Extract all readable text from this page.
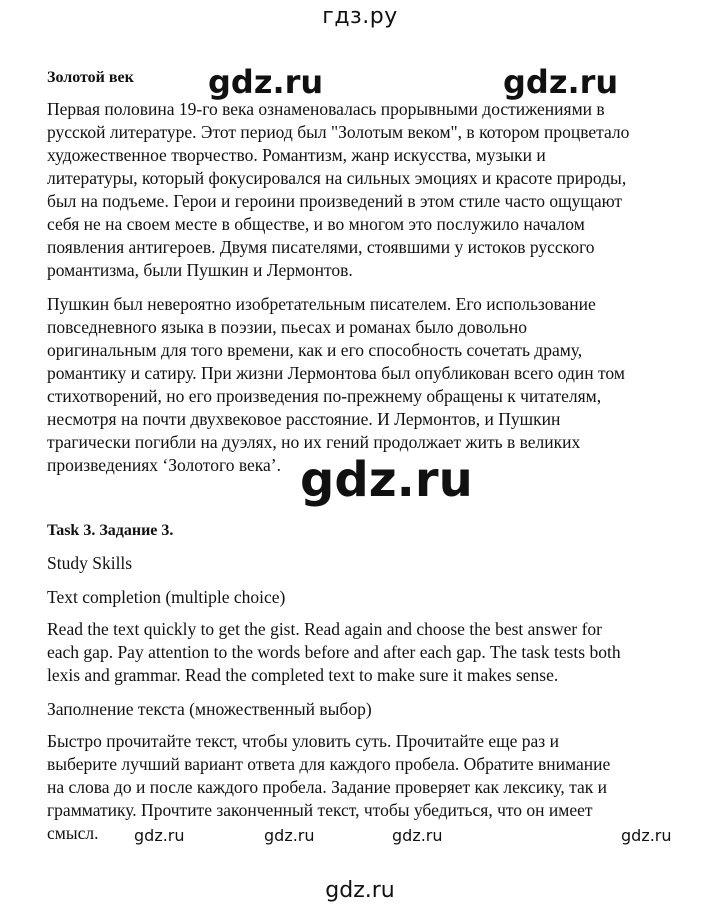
гдз.ру

Золотой век

Первая половина 19-го века ознаменовалась прорывными достижениями в
русской литературе. Этот период был "Золотым веком", в котором процветало
художественное творчество. Романтизм, жанр искусства, музыки и
литературы, который фокусировался на сильных эмоциях и красоте природы,
был на подъеме. Герои и героини произведений в этом стиле часто ощущают
себя не на своем месте в обществе, и во многом это послужило началом
появления антигероев. Двумя писателями, стоявшими у истоков русского
романтизма, были Пушкин и Лермонтов.

Пушкин был невероятно изобретательным писателем. Его использование
повседневного языка в поэзии, пьесах и романах было довольно
оригинальным для того времени, как и его способность сочетать драму,
романтику и сатиру. При жизни Лермонтова был опубликован всего один том
стихотворений, но его произведения по-прежнему обращены к читателям,
несмотря на почти двухвековое расстояние. И Лермонтов, и Пушкин
трагически погибли на дуэлях, но их гений продолжает жить в великих
произведениях ‘Золотого века’.

Task 3. Задание 3.

Study Skills

Text completion (multiple choice)

Read the text quickly to get the gist. Read again and choose the best answer for
each gap. Pay attention to the words before and after each gap. The task tests both
lexis and grammar. Read the completed text to make sure it makes sense.

Заполнение текста (множественный выбор)

Быстро прочитайте текст, чтобы уловить суть. Прочитайте еще раз и
выберите лучший вариант ответа для каждого пробела. Обратите внимание
на слова до и после каждого пробела. Задание проверяет как лексику, так и
грамматику. Прочтите законченный текст, чтобы убедиться, что он имеет
смысл.

gdz.ru	gdz.ru
gdz.ru
gdz.ru	gdz.ru	gdz.ru	gdz.ru
gdz.ru
